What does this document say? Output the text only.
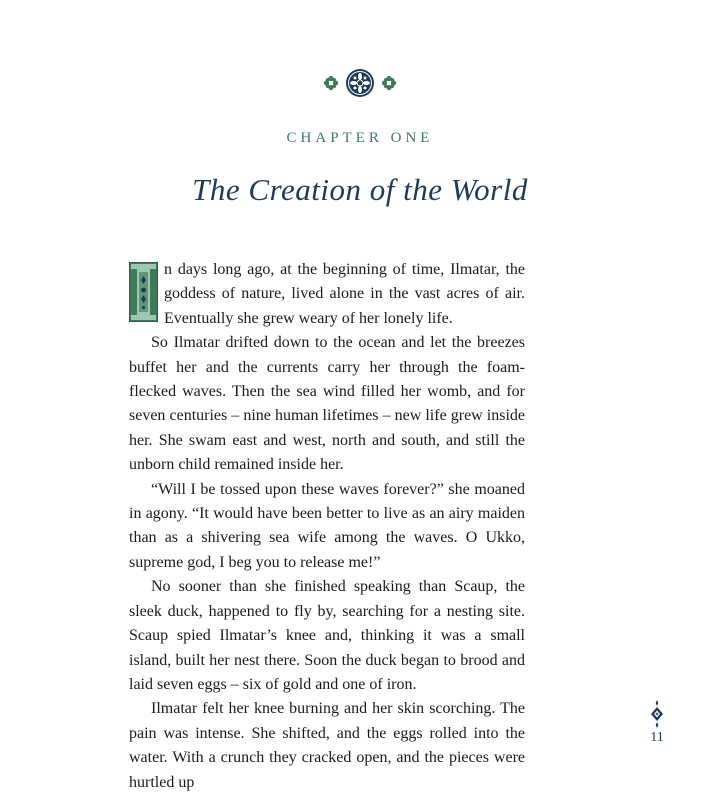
CHAPTER ONE
The Creation of the World

n days long ago, at the beginning of time, Ilmatar, the goddess of nature, lived alone in the vast acres of air. Eventually she grew weary of her lonely life.

So Ilmatar drifted down to the ocean and let the breezes buffet her and the currents carry her through the foam-flecked waves. Then the sea wind filled her womb, and for seven centuries – nine human lifetimes – new life grew inside her. She swam east and west, north and south, and still the unborn child remained inside her.

“Will I be tossed upon these waves forever?” she moaned in agony. “It would have been better to live as an airy maiden than as a shivering sea wife among the waves. O Ukko, supreme god, I beg you to release me!”

No sooner than she finished speaking than Scaup, the sleek duck, happened to fly by, searching for a nesting site. Scaup spied Ilmatar’s knee and, thinking it was a small island, built her nest there. Soon the duck began to brood and laid seven eggs – six of gold and one of iron.

Ilmatar felt her knee burning and her skin scorching. The pain was intense. She shifted, and the eggs rolled into the water. With a crunch they cracked open, and the pieces were hurtled up

11
